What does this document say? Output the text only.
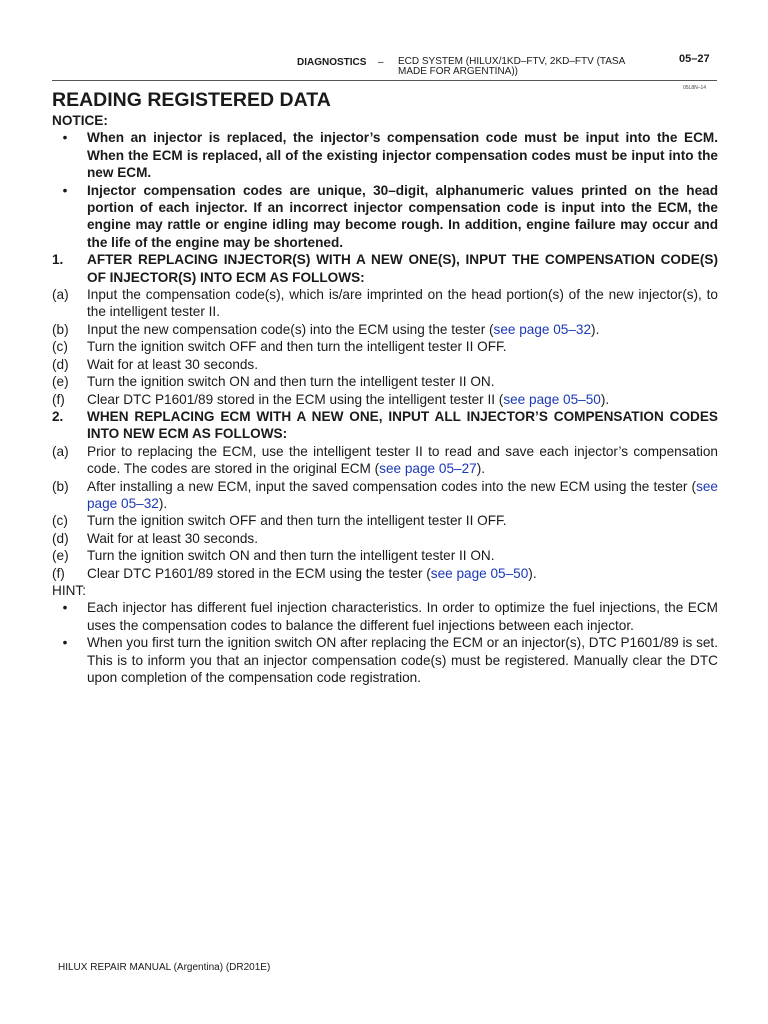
DIAGNOSTICS – ECD SYSTEM (HILUX/1KD–FTV, 2KD–FTV (TASA MADE FOR ARGENTINA))
05–27
05L8N–14
READING REGISTERED DATA
NOTICE:
•	When an injector is replaced, the injector’s compensation code must be input into the ECM. When the ECM is replaced, all of the existing injector compensation codes must be input into the new ECM.
•	Injector compensation codes are unique, 30–digit, alphanumeric values printed on the head portion of each injector. If an incorrect injector compensation code is input into the ECM, the engine may rattle or engine idling may become rough. In addition, engine failure may occur and the life of the engine may be shortened.
1.	AFTER REPLACING INJECTOR(S) WITH A NEW ONE(S), INPUT THE COMPENSATION CODE(S) OF INJECTOR(S) INTO ECM AS FOLLOWS:
(a)	Input the compensation code(s), which is/are imprinted on the head portion(s) of the new injector(s), to the intelligent tester II.
(b)	Input the new compensation code(s) into the ECM using the tester (see page 05–32).
(c)	Turn the ignition switch OFF and then turn the intelligent tester II OFF.
(d)	Wait for at least 30 seconds.
(e)	Turn the ignition switch ON and then turn the intelligent tester II ON.
(f)	Clear DTC P1601/89 stored in the ECM using the intelligent tester II (see page 05–50).
2.	WHEN REPLACING ECM WITH A NEW ONE, INPUT ALL INJECTOR’S COMPENSATION CODES INTO NEW ECM AS FOLLOWS:
(a)	Prior to replacing the ECM, use the intelligent tester II to read and save each injector’s compensation code. The codes are stored in the original ECM (see page 05–27).
(b)	After installing a new ECM, input the saved compensation codes into the new ECM using the tester (see page 05–32).
(c)	Turn the ignition switch OFF and then turn the intelligent tester II OFF.
(d)	Wait for at least 30 seconds.
(e)	Turn the ignition switch ON and then turn the intelligent tester II ON.
(f)	Clear DTC P1601/89 stored in the ECM using the tester (see page 05–50).
HINT:
•	Each injector has different fuel injection characteristics. In order to optimize the fuel injections, the ECM uses the compensation codes to balance the different fuel injections between each injector.
•	When you first turn the ignition switch ON after replacing the ECM or an injector(s), DTC P1601/89 is set. This is to inform you that an injector compensation code(s) must be registered. Manually clear the DTC upon completion of the compensation code registration.
HILUX REPAIR MANUAL (Argentina) (DR201E)
